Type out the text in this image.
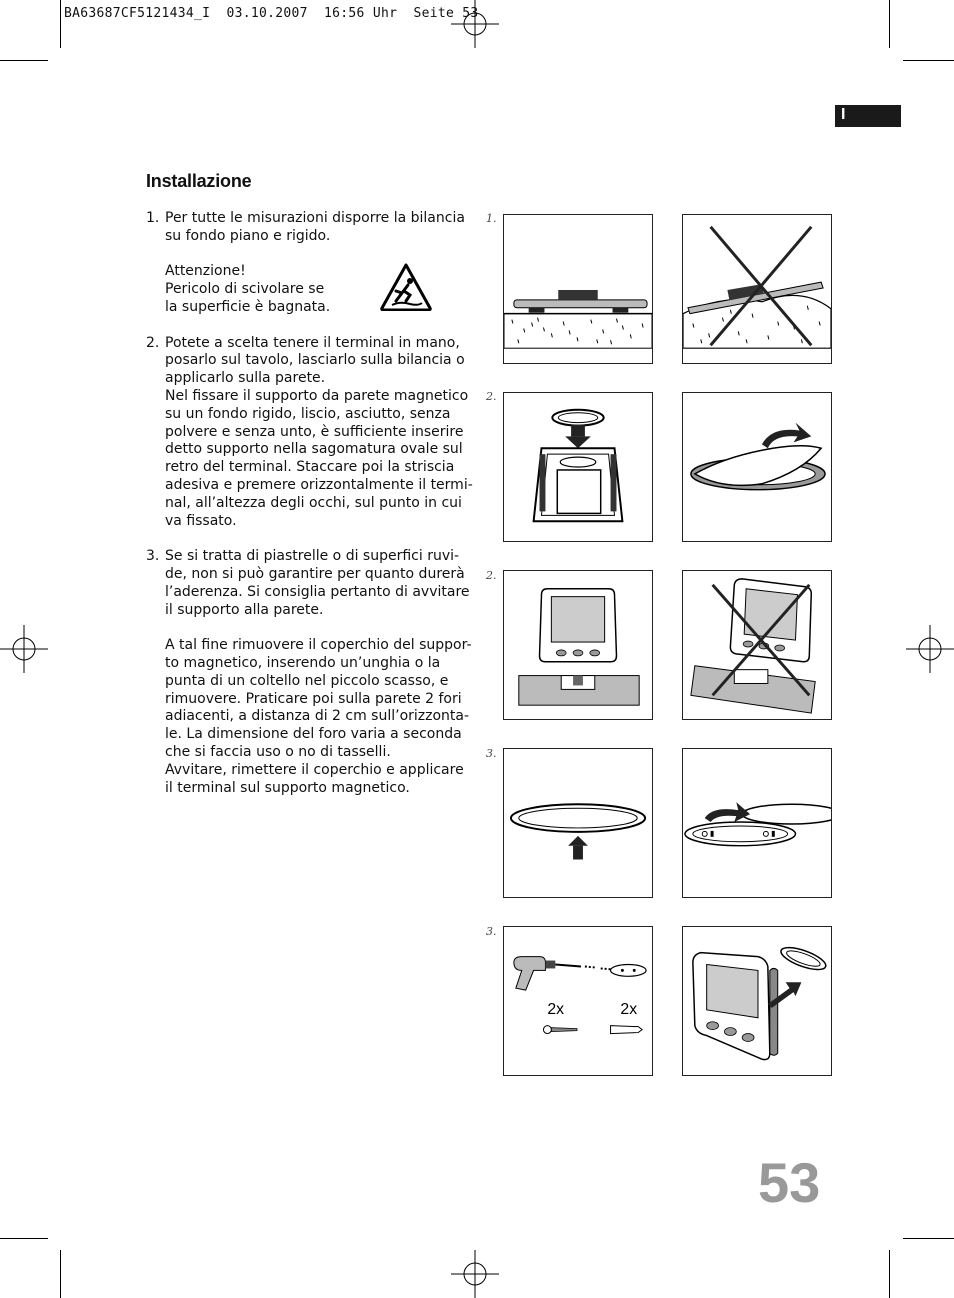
BA63687CF5121434_I  03.10.2007  16:56 Uhr  Seite 53
I
Installazione
1. Per tutte le misurazioni disporre la bilancia

su fondo piano e rigido.

Attenzione!

Pericolo di scivolare se

la superficie è bagnata.

2. Potete a scelta tenere il terminal in mano,

posarlo sul tavolo, lasciarlo sulla bilancia o

applicarlo sulla parete.

Nel fissare il supporto da parete magnetico

su un fondo rigido, liscio, asciutto, senza

polvere e senza unto, è sufficiente inserire

detto supporto nella sagomatura ovale sul

retro del terminal. Staccare poi la striscia

adesiva e premere orizzontalmente il termi-

nal, all’altezza degli occhi, sul punto in cui

va fissato.

3. Se si tratta di piastrelle o di superfici ruvi-

de, non si può garantire per quanto durerà

l’aderenza. Si consiglia pertanto di avvitare

il supporto alla parete.

A tal fine rimuovere il coperchio del suppor-

to magnetico, inserendo un’unghia o la

punta di un coltello nel piccolo scasso, e

rimuovere. Praticare poi sulla parete 2 fori

adiacenti, a distanza di 2 cm sull’orizzonta-

le. La dimensione del foro varia a seconda

che si faccia uso o no di tasselli.

Avvitare, rimettere il coperchio e applicare

il terminal sul supporto magnetico.

1.
2.
2.
3.
3.
2x	2x
53
